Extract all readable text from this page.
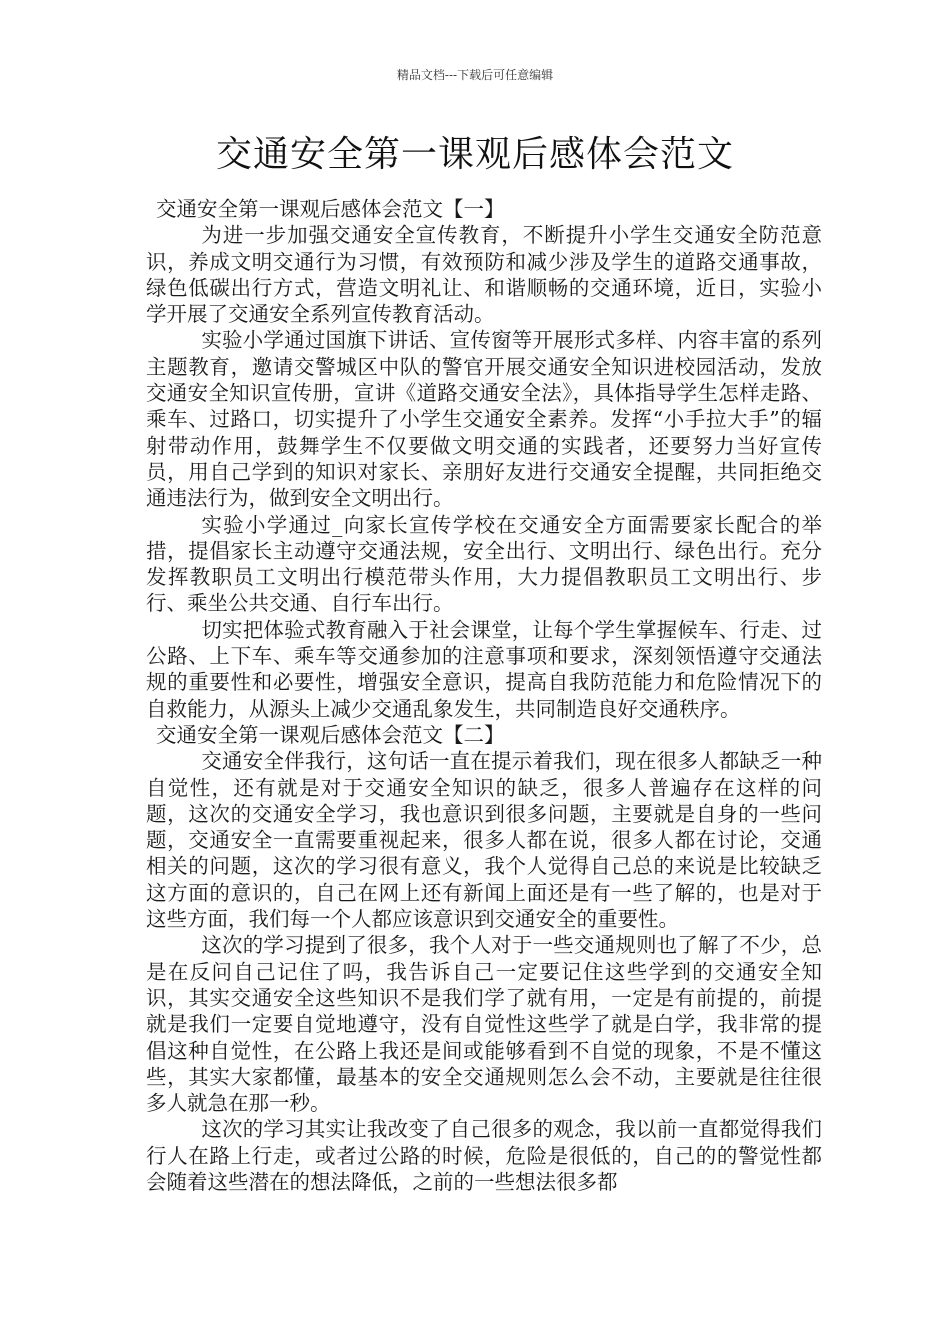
精品文档---下载后可任意编辑
交通安全第一课观后感体会范文

交通安全第一课观后感体会范文【一】

为进一步加强交通安全宣传教育，不断提升小学生交通安全防范意识，养成文明交通行为习惯，有效预防和减少涉及学生的道路交通事故，绿色低碳出行方式，营造文明礼让、和谐顺畅的交通环境，近日，实验小学开展了交通安全系列宣传教育活动。

实验小学通过国旗下讲话、宣传窗等开展形式多样、内容丰富的系列主题教育，邀请交警城区中队的警官开展交通安全知识进校园活动，发放交通安全知识宣传册，宣讲《道路交通安全法》，具体指导学生怎样走路、乘车、过路口，切实提升了小学生交通安全素养。发挥“小手拉大手”的辐射带动作用，鼓舞学生不仅要做文明交通的实践者，还要努力当好宣传员，用自己学到的知识对家长、亲朋好友进行交通安全提醒，共同拒绝交通违法行为，做到安全文明出行。

实验小学通过_向家长宣传学校在交通安全方面需要家长配合的举措，提倡家长主动遵守交通法规，安全出行、文明出行、绿色出行。充分发挥教职员工文明出行模范带头作用，大力提倡教职员工文明出行、步行、乘坐公共交通、自行车出行。

切实把体验式教育融入于社会课堂，让每个学生掌握候车、行走、过公路、上下车、乘车等交通参加的注意事项和要求，深刻领悟遵守交通法规的重要性和必要性，增强安全意识，提高自我防范能力和危险情况下的自救能力，从源头上减少交通乱象发生，共同制造良好交通秩序。

交通安全第一课观后感体会范文【二】

交通安全伴我行，这句话一直在提示着我们，现在很多人都缺乏一种自觉性，还有就是对于交通安全知识的缺乏，很多人普遍存在这样的问题，这次的交通安全学习，我也意识到很多问题，主要就是自身的一些问题，交通安全一直需要重视起来，很多人都在说，很多人都在讨论，交通相关的问题，这次的学习很有意义，我个人觉得自己总的来说是比较缺乏这方面的意识的，自己在网上还有新闻上面还是有一些了解的，也是对于这些方面，我们每一个人都应该意识到交通安全的重要性。

这次的学习提到了很多，我个人对于一些交通规则也了解了不少，总是在反问自己记住了吗，我告诉自己一定要记住这些学到的交通安全知识，其实交通安全这些知识不是我们学了就有用，一定是有前提的，前提就是我们一定要自觉地遵守，没有自觉性这些学了就是白学，我非常的提倡这种自觉性，在公路上我还是间或能够看到不自觉的现象，不是不懂这些，其实大家都懂，最基本的安全交通规则怎么会不动，主要就是往往很多人就急在那一秒。

这次的学习其实让我改变了自己很多的观念，我以前一直都觉得我们行人在路上行走，或者过公路的时候，危险是很低的，自己的的警觉性都会随着这些潜在的想法降低，之前的一些想法很多都
